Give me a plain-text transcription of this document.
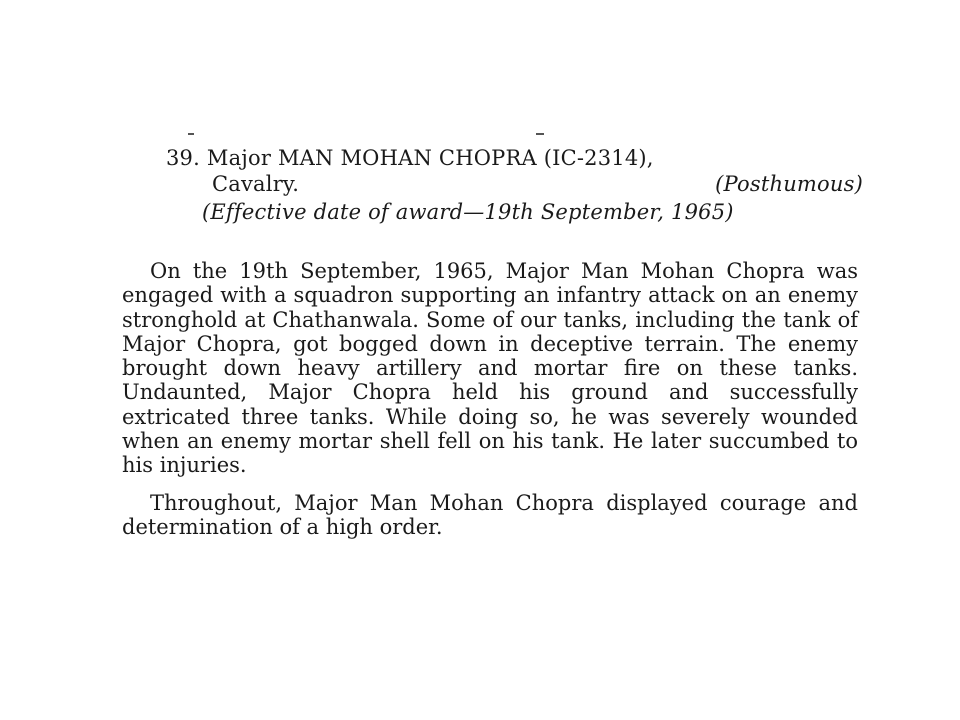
39. Major MAN MOHAN CHOPRA (IC-2314),
Cavalry.	(Posthumous)
(Effective date of award—19th September, 1965)

On the 19th September, 1965, Major Man Mohan Chopra was engaged with a squadron supporting an infantry attack on an enemy stronghold at Chathanwala. Some of our tanks, including the tank of Major Chopra, got bogged down in deceptive terrain. The enemy brought down heavy artillery and mortar fire on these tanks. Undaunted, Major Chopra held his ground and successfully extricated three tanks. While doing so, he was severely wounded when an enemy mortar shell fell on his tank. He later succumbed to his injuries.

Throughout, Major Man Mohan Chopra displayed courage and determination of a high order.
